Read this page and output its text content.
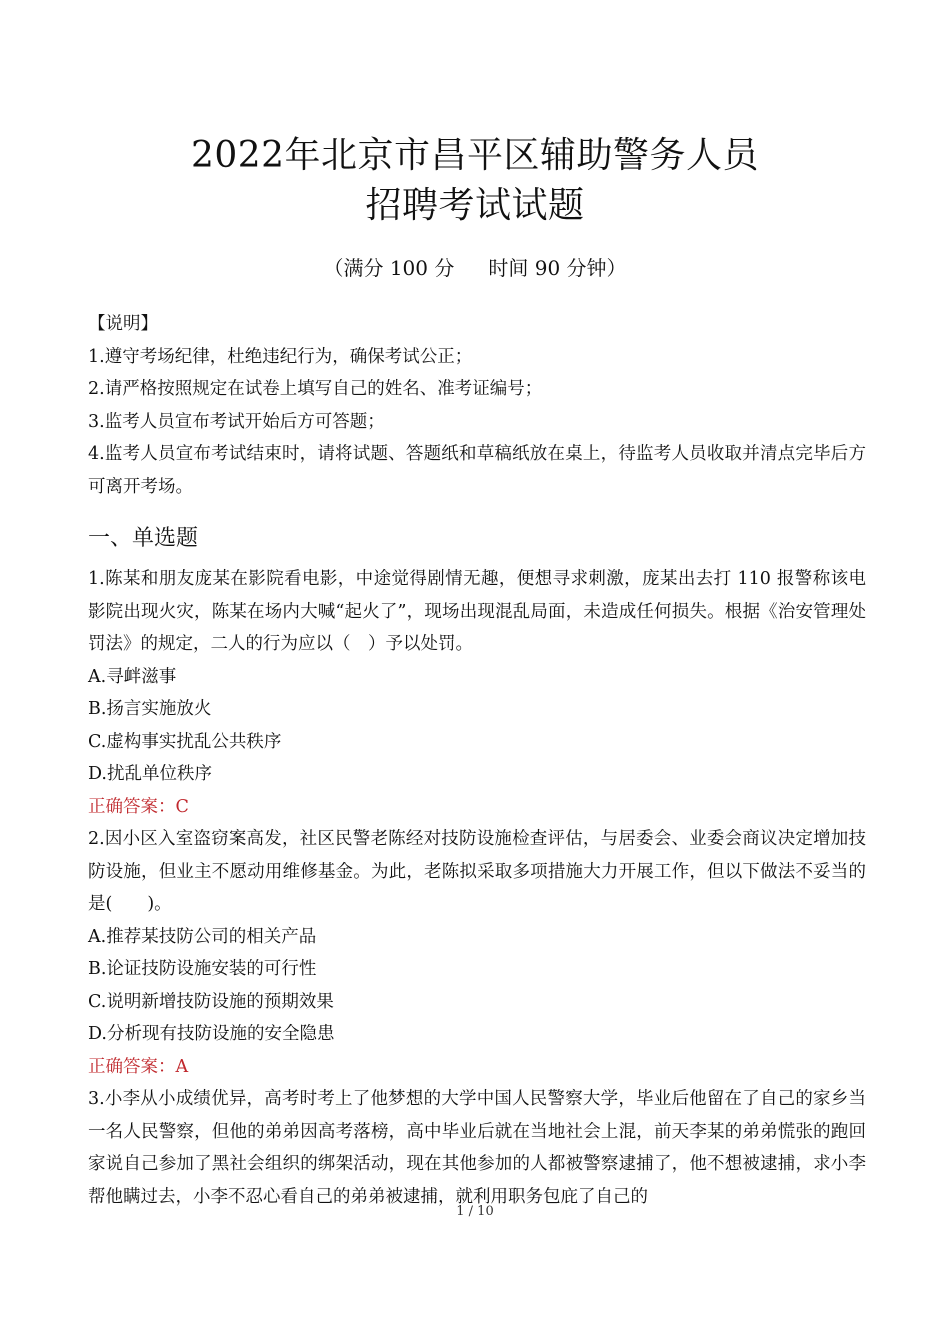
2022年北京市昌平区辅助警务人员
招聘考试试题
（满分 100 分 时间 90 分钟）

【说明】

1.遵守考场纪律，杜绝违纪行为，确保考试公正；

2.请严格按照规定在试卷上填写自己的姓名、准考证编号；

3.监考人员宣布考试开始后方可答题；

4.监考人员宣布考试结束时，请将试题、答题纸和草稿纸放在桌上，待监考人员收取并清点完毕后方可离开考场。

一、单选题

1.陈某和朋友庞某在影院看电影，中途觉得剧情无趣，便想寻求刺激，庞某出去打 110 报警称该电影院出现火灾，陈某在场内大喊“起火了”，现场出现混乱局面，未造成任何损失。根据《治安管理处罚法》的规定，二人的行为应以（　）予以处罚。

A.寻衅滋事

B.扬言实施放火

C.虚构事实扰乱公共秩序

D.扰乱单位秩序

正确答案：C

2.因小区入室盗窃案高发，社区民警老陈经对技防设施检查评估，与居委会、业委会商议决定增加技防设施，但业主不愿动用维修基金。为此，老陈拟采取多项措施大力开展工作，但以下做法不妥当的是(　　)。

A.推荐某技防公司的相关产品

B.论证技防设施安装的可行性

C.说明新增技防设施的预期效果

D.分析现有技防设施的安全隐患

正确答案：A

3.小李从小成绩优异，高考时考上了他梦想的大学中国人民警察大学，毕业后他留在了自己的家乡当一名人民警察，但他的弟弟因高考落榜，高中毕业后就在当地社会上混，前天李某的弟弟慌张的跑回家说自己参加了黑社会组织的绑架活动，现在其他参加的人都被警察逮捕了，他不想被逮捕，求小李帮他瞒过去，小李不忍心看自己的弟弟被逮捕，就利用职务包庇了自己的

1 / 10
